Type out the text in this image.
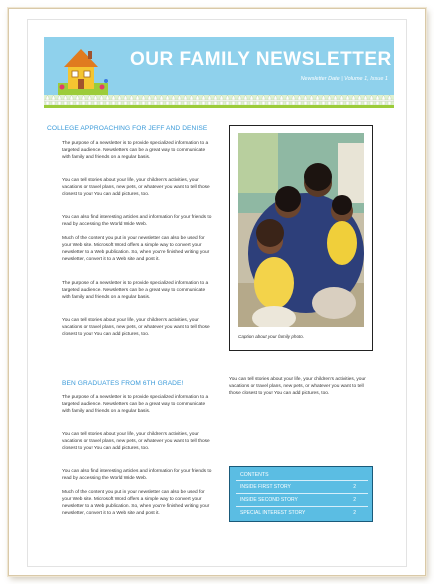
OUR FAMILY NEWSLETTER
Newsletter Date | Volume 1, Issue 1
COLLEGE APPROACHING FOR JEFF AND DENISE

The purpose of a newsletter is to provide specialized information to a targeted audience. Newsletters can be a great way to communicate with family and friends on a regular basis.

You can tell stories about your life, your children's activities, your vacations or travel plans, new pets, or whatever you want to tell those closest to you! You can add pictures, too.

You can also find interesting articles and information for your friends to read by accessing the World Wide Web.

Much of the content you put in your newsletter can also be used for your Web site. Microsoft Word offers a simple way to convert your newsletter to a Web publication. So, when you're finished writing your newsletter, convert it to a Web site and post it.

The purpose of a newsletter is to provide specialized information to a targeted audience. Newsletters can be a great way to communicate with family and friends on a regular basis.

You can tell stories about your life, your children's activities, your vacations or travel plans, new pets, or whatever you want to tell those closest to you! You can add pictures, too.	Caption about your family photo.
BEN GRADUATES FROM 6TH GRADE!

The purpose of a newsletter is to provide specialized information to a targeted audience. Newsletters can be a great way to communicate with family and friends on a regular basis.

You can tell stories about your life, your children's activities, your vacations or travel plans, new pets, or whatever you want to tell those closest to you! You can add pictures, too.

You can also find interesting articles and information for your friends to read by accessing the World Wide Web.

Much of the content you put in your newsletter can also be used for your Web site. Microsoft Word offers a simple way to convert your newsletter to a Web publication. So, when you're finished writing your newsletter, convert it to a Web site and post it.

You can tell stories about your life, your children's activities, your vacations or travel plans, new pets, or whatever you want to tell those closest to you! You can add pictures, too.

CONTENTS
INSIDE FIRST STORY	2
INSIDE SECOND STORY	2
SPECIAL INTEREST STORY	2
